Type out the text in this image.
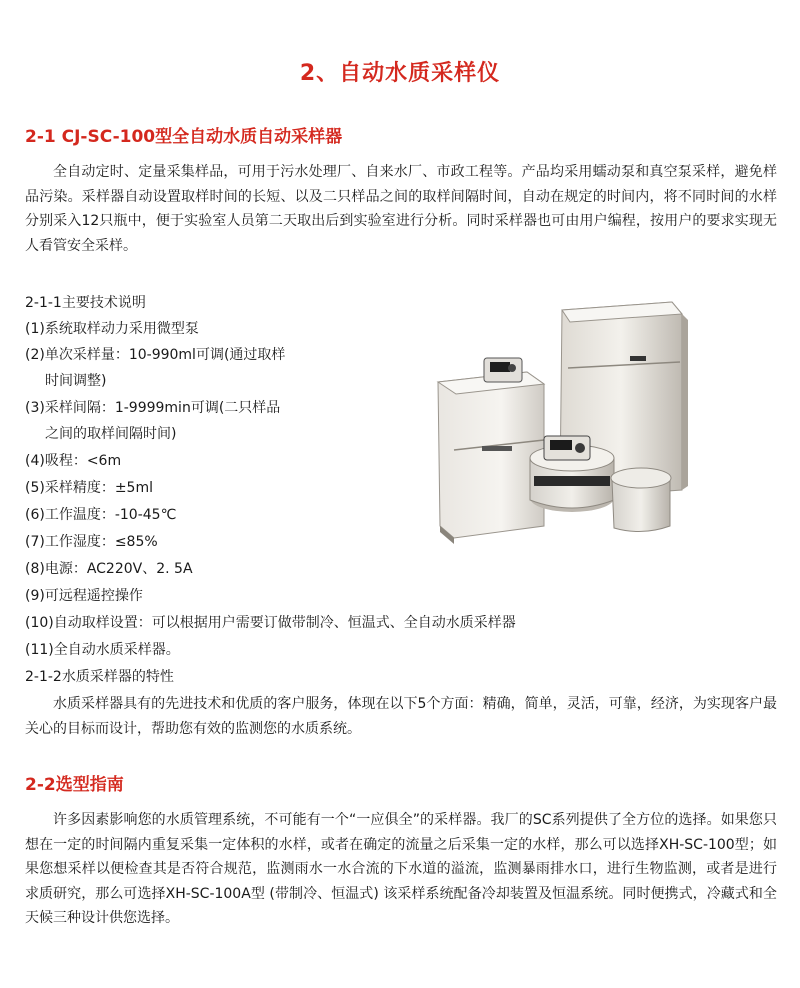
2、自动水质采样仪
2-1 CJ-SC-100型全自动水质自动采样器

全自动定时、定量采集样品，可用于污水处理厂、自来水厂、市政工程等。产品均采用蠕动泵和真空泵采样，避免样品污染。采样器自动设置取样时间的长短、以及二只样品之间的取样间隔时间，自动在规定的时间内，将不同时间的水样分别采入12只瓶中，便于实验室人员第二天取出后到实验室进行分析。同时采样器也可由用户编程，按用户的要求实现无人看管安全采样。

2-1-1主要技术说明
(1)系统取样动力采用微型泵
(2)单次采样量：10-990ml可调(通过取样
时间调整)
(3)采样间隔：1-9999min可调(二只样品
之间的取样间隔时间)
(4)吸程：<6m
(5)采样精度：±5ml
(6)工作温度：-10-45℃
(7)工作湿度：≤85%
(8)电源：AC220V、2. 5A
(9)可远程遥控操作
(10)自动取样设置：可以根据用户需要订做带制冷、恒温式、全自动水质采样器
(11)全自动水质采样器。
2-1-2水质采样器的特性

水质采样器具有的先进技术和优质的客户服务，体现在以下5个方面：精确，简单，灵活，可靠，经济，为实现客户最关心的目标而设计，帮助您有效的监测您的水质系统。

2-2选型指南

许多因素影响您的水质管理系统，不可能有一个“一应俱全”的采样器。我厂的SC系列提供了全方位的选择。如果您只想在一定的时间隔内重复采集一定体积的水样，或者在确定的流量之后采集一定的水样，那么可以选择XH-SC-100型；如果您想采样以便检查其是否符合规范，监测雨水一水合流的下水道的溢流，监测暴雨排水口，进行生物监测，或者是进行求质研究，那么可选择XH-SC-100A型 (带制冷、恒温式) 该采样系统配备冷却装置及恒温系统。同时便携式，冷藏式和全天候三种设计供您选择。
